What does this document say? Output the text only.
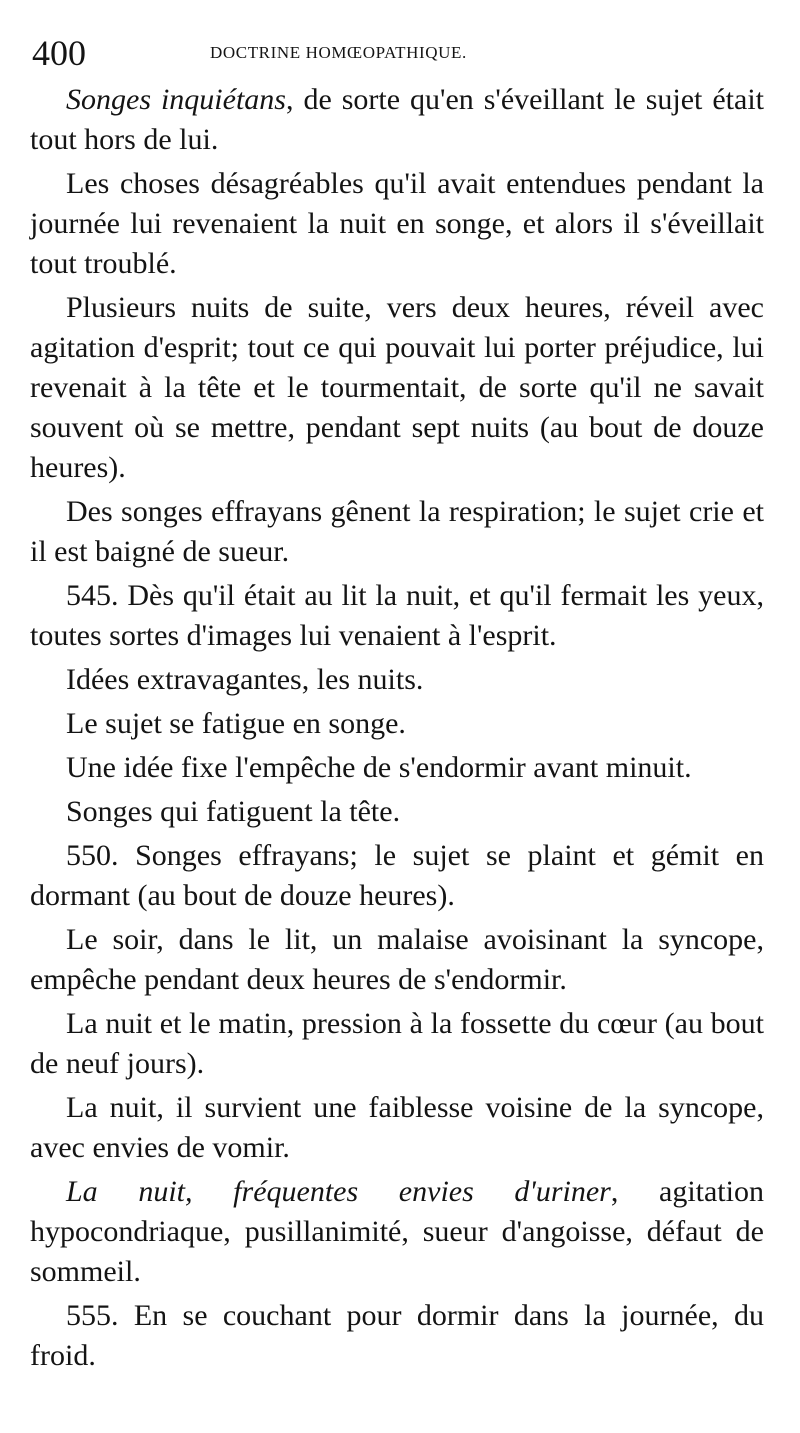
400	DOCTRINE HOMŒOPATHIQUE.

Songes inquiétans, de sorte qu'en s'éveillant le sujet était tout hors de lui.

Les choses désagréables qu'il avait entendues pendant la journée lui revenaient la nuit en songe, et alors il s'éveillait tout troublé.

Plusieurs nuits de suite, vers deux heures, réveil avec agitation d'esprit; tout ce qui pouvait lui porter préjudice, lui revenait à la tête et le tourmentait, de sorte qu'il ne savait souvent où se mettre, pendant sept nuits (au bout de douze heures).

Des songes effrayans gênent la respiration; le sujet crie et il est baigné de sueur.

545. Dès qu'il était au lit la nuit, et qu'il fermait les yeux, toutes sortes d'images lui venaient à l'esprit.

Idées extravagantes, les nuits.

Le sujet se fatigue en songe.

Une idée fixe l'empêche de s'endormir avant minuit.

Songes qui fatiguent la tête.

550. Songes effrayans; le sujet se plaint et gémit en dormant (au bout de douze heures).

Le soir, dans le lit, un malaise avoisinant la syncope, empêche pendant deux heures de s'endormir.

La nuit et le matin, pression à la fossette du cœur (au bout de neuf jours).

La nuit, il survient une faiblesse voisine de la syncope, avec envies de vomir.

La nuit, fréquentes envies d'uriner, agitation hypocondriaque, pusillanimité, sueur d'angoisse, défaut de sommeil.

555. En se couchant pour dormir dans la journée, du froid.
